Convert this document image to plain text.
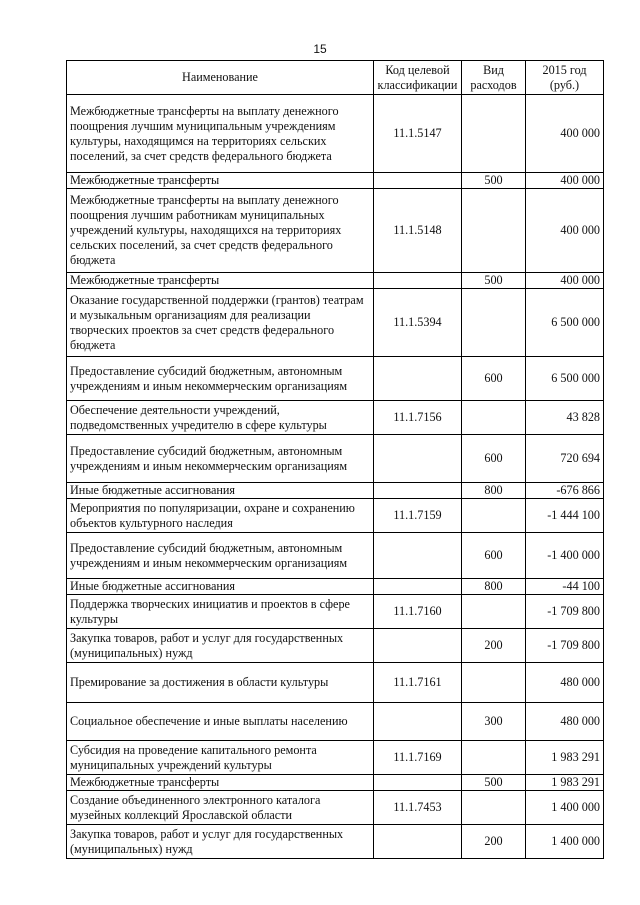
15
Наименование	Код целевой классификации	Вид расходов	2015 год (руб.)
Межбюджетные трансферты на выплату денежного поощрения лучшим муниципальным учреждениям культуры, находящимся на территориях сельских поселений, за счет средств федерального бюджета	11.1.5147		400 000
Межбюджетные трансферты		500	400 000
Межбюджетные трансферты на выплату денежного поощрения лучшим работникам муниципальных учреждений культуры, находящихся на территориях сельских поселений, за счет средств федерального бюджета	11.1.5148		400 000
Межбюджетные трансферты		500	400 000
Оказание государственной поддержки (грантов) театрам и музыкальным организациям для реализации творческих проектов за счет средств федерального бюджета	11.1.5394		6 500 000
Предоставление субсидий бюджетным, автономным учреждениям и иным некоммерческим организациям		600	6 500 000
Обеспечение деятельности учреждений, подведомственных учредителю в сфере культуры	11.1.7156		43 828
Предоставление субсидий бюджетным, автономным учреждениям и иным некоммерческим организациям		600	720 694
Иные бюджетные ассигнования		800	-676 866
Мероприятия по популяризации, охране и сохранению объектов культурного наследия	11.1.7159		-1 444 100
Предоставление субсидий бюджетным, автономным учреждениям и иным некоммерческим организациям		600	-1 400 000
Иные бюджетные ассигнования		800	-44 100
Поддержка творческих инициатив и проектов в сфере культуры	11.1.7160		-1 709 800
Закупка товаров, работ и услуг для государственных (муниципальных) нужд		200	-1 709 800
Премирование за достижения в области культуры	11.1.7161		480 000
Социальное обеспечение и иные выплаты населению		300	480 000
Субсидия на проведение капитального ремонта муниципальных учреждений культуры	11.1.7169		1 983 291
Межбюджетные трансферты		500	1 983 291
Создание объединенного электронного каталога музейных коллекций Ярославской области	11.1.7453		1 400 000
Закупка товаров, работ и услуг для государственных (муниципальных) нужд		200	1 400 000
